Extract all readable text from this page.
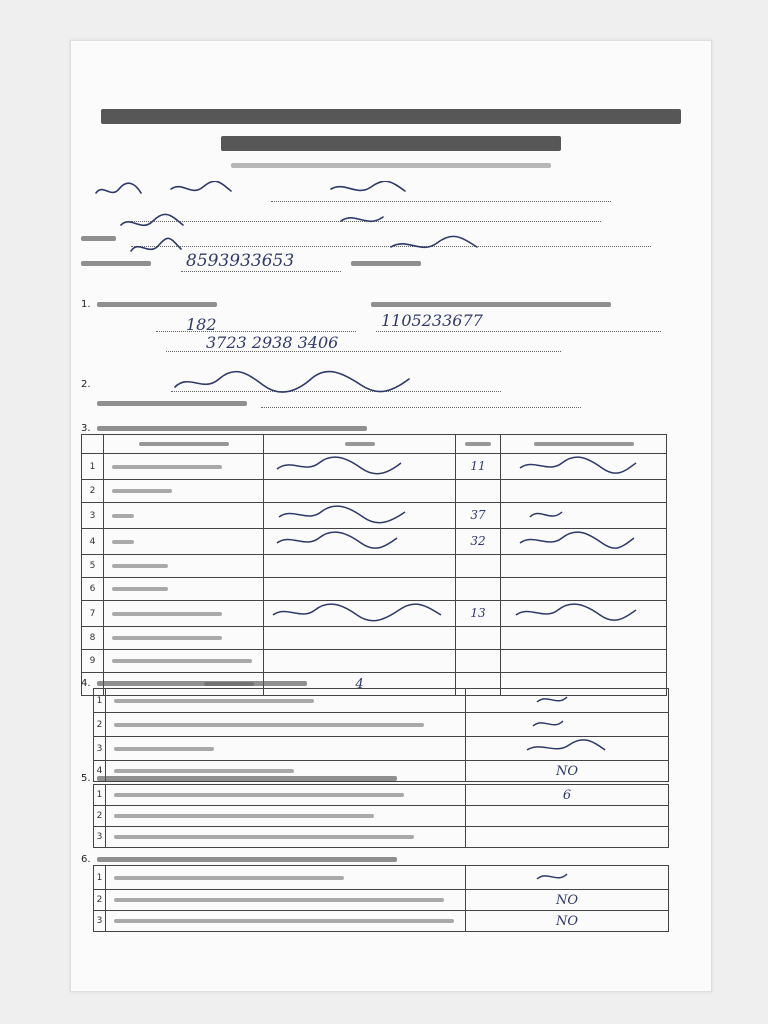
8593933653
1.
182	1105233677
3723 2938 3406
2.
3.

1			11	
2	

3			37	
4			32	
5	

6	

7			13	
8	

9	

	4		
4.
1	

2	

3	

4		NO
5.
1		6
2	

3	

6.
1	

2		NO
3		NO
